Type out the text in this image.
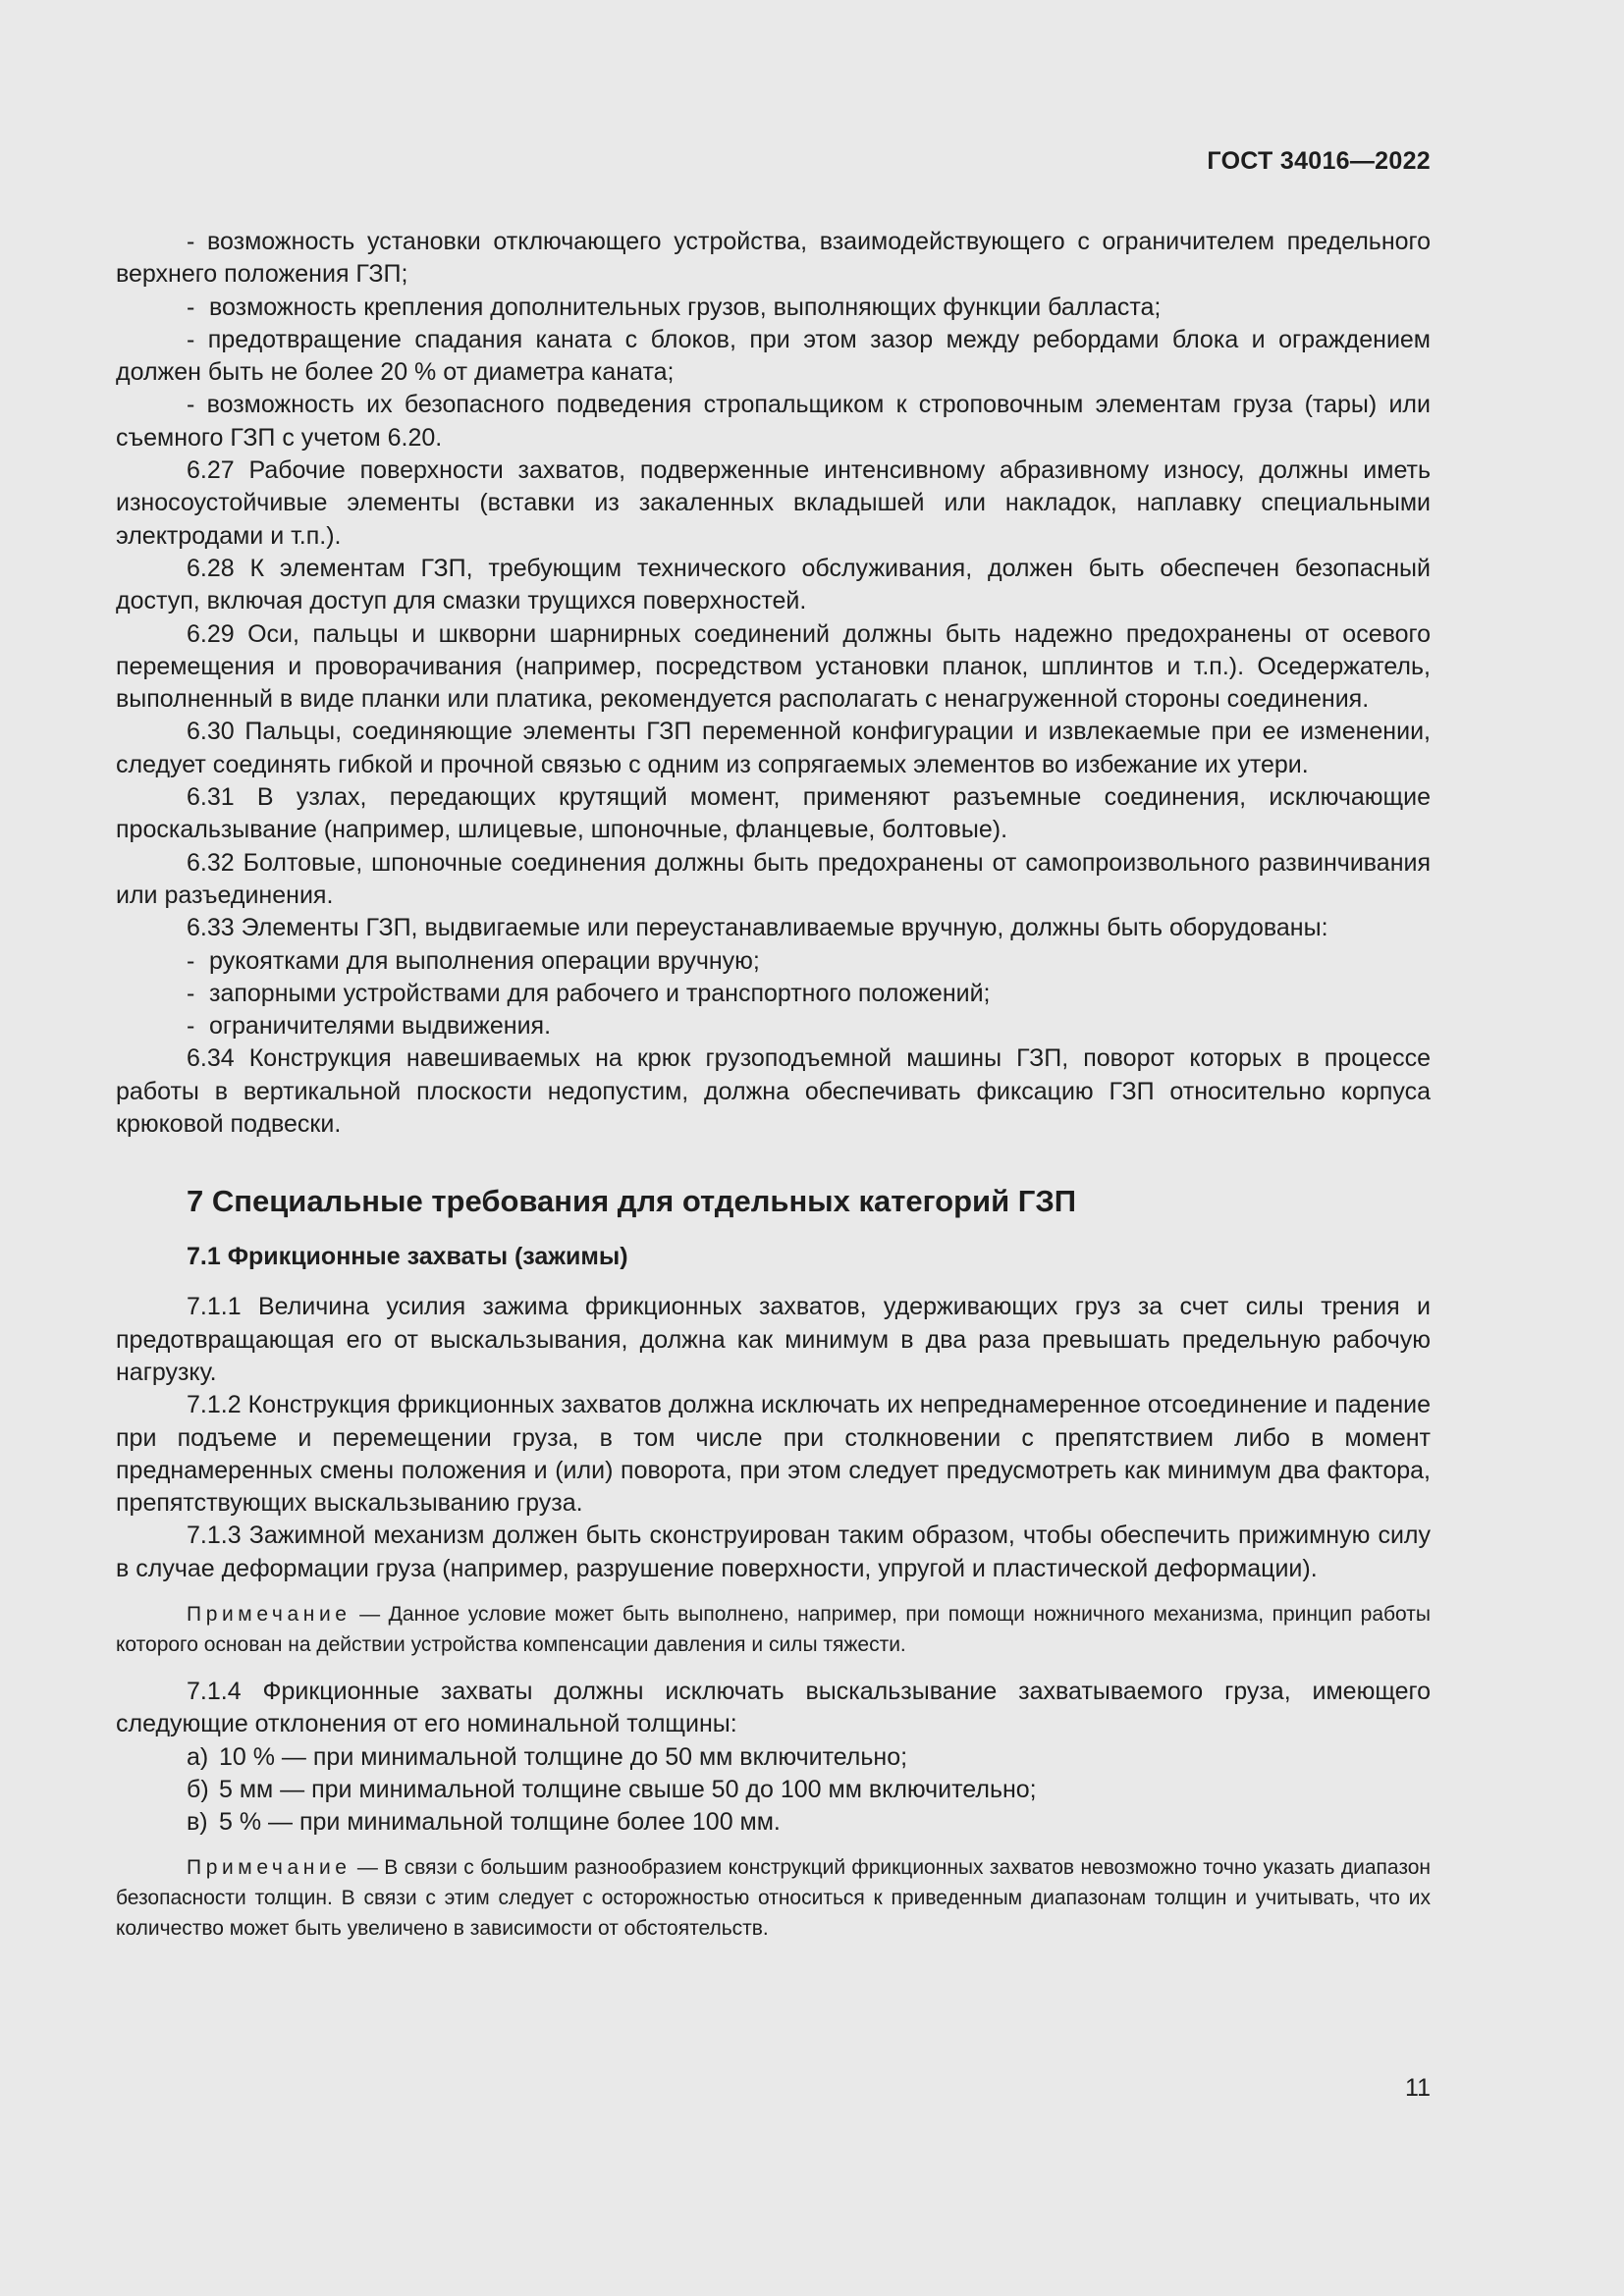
ГОСТ 34016—2022

- возможность установки отключающего устройства, взаимодействующего с ограничителем предельного верхнего положения ГЗП;

- возможность крепления дополнительных грузов, выполняющих функции балласта;

- предотвращение спадания каната с блоков, при этом зазор между ребордами блока и ограждением должен быть не более 20 % от диаметра каната;

- возможность их безопасного подведения стропальщиком к строповочным элементам груза (тары) или съемного ГЗП с учетом 6.20.

6.27 Рабочие поверхности захватов, подверженные интенсивному абразивному износу, должны иметь износоустойчивые элементы (вставки из закаленных вкладышей или накладок, наплавку специальными электродами и т.п.).

6.28 К элементам ГЗП, требующим технического обслуживания, должен быть обеспечен безопасный доступ, включая доступ для смазки трущихся поверхностей.

6.29 Оси, пальцы и шкворни шарнирных соединений должны быть надежно предохранены от осевого перемещения и проворачивания (например, посредством установки планок, шплинтов и т.п.). Оседержатель, выполненный в виде планки или платика, рекомендуется располагать с ненагруженной стороны соединения.

6.30 Пальцы, соединяющие элементы ГЗП переменной конфигурации и извлекаемые при ее изменении, следует соединять гибкой и прочной связью с одним из сопрягаемых элементов во избежание их утери.

6.31 В узлах, передающих крутящий момент, применяют разъемные соединения, исключающие проскальзывание (например, шлицевые, шпоночные, фланцевые, болтовые).

6.32 Болтовые, шпоночные соединения должны быть предохранены от самопроизвольного развинчивания или разъединения.

6.33 Элементы ГЗП, выдвигаемые или переустанавливаемые вручную, должны быть оборудованы:

- рукоятками для выполнения операции вручную;

- запорными устройствами для рабочего и транспортного положений;

- ограничителями выдвижения.

6.34 Конструкция навешиваемых на крюк грузоподъемной машины ГЗП, поворот которых в процессе работы в вертикальной плоскости недопустим, должна обеспечивать фиксацию ГЗП относительно корпуса крюковой подвески.

7 Специальные требования для отдельных категорий ГЗП
7.1 Фрикционные захваты (зажимы)

7.1.1 Величина усилия зажима фрикционных захватов, удерживающих груз за счет силы трения и предотвращающая его от выскальзывания, должна как минимум в два раза превышать предельную рабочую нагрузку.

7.1.2 Конструкция фрикционных захватов должна исключать их непреднамеренное отсоединение и падение при подъеме и перемещении груза, в том числе при столкновении с препятствием либо в момент преднамеренных смены положения и (или) поворота, при этом следует предусмотреть как минимум два фактора, препятствующих выскальзыванию груза.

7.1.3 Зажимной механизм должен быть сконструирован таким образом, чтобы обеспечить прижимную силу в случае деформации груза (например, разрушение поверхности, упругой и пластической деформации).

Примечание — Данное условие может быть выполнено, например, при помощи ножничного механизма, принцип работы которого основан на действии устройства компенсации давления и силы тяжести.

7.1.4 Фрикционные захваты должны исключать выскальзывание захватываемого груза, имеющего следующие отклонения от его номинальной толщины:

а) 10 % — при минимальной толщине до 50 мм включительно;

б) 5 мм — при минимальной толщине свыше 50 до 100 мм включительно;

в) 5 % — при минимальной толщине более 100 мм.

Примечание — В связи с большим разнообразием конструкций фрикционных захватов невозможно точно указать диапазон безопасности толщин. В связи с этим следует с осторожностью относиться к приведенным диапазонам толщин и учитывать, что их количество может быть увеличено в зависимости от обстоятельств.

11
